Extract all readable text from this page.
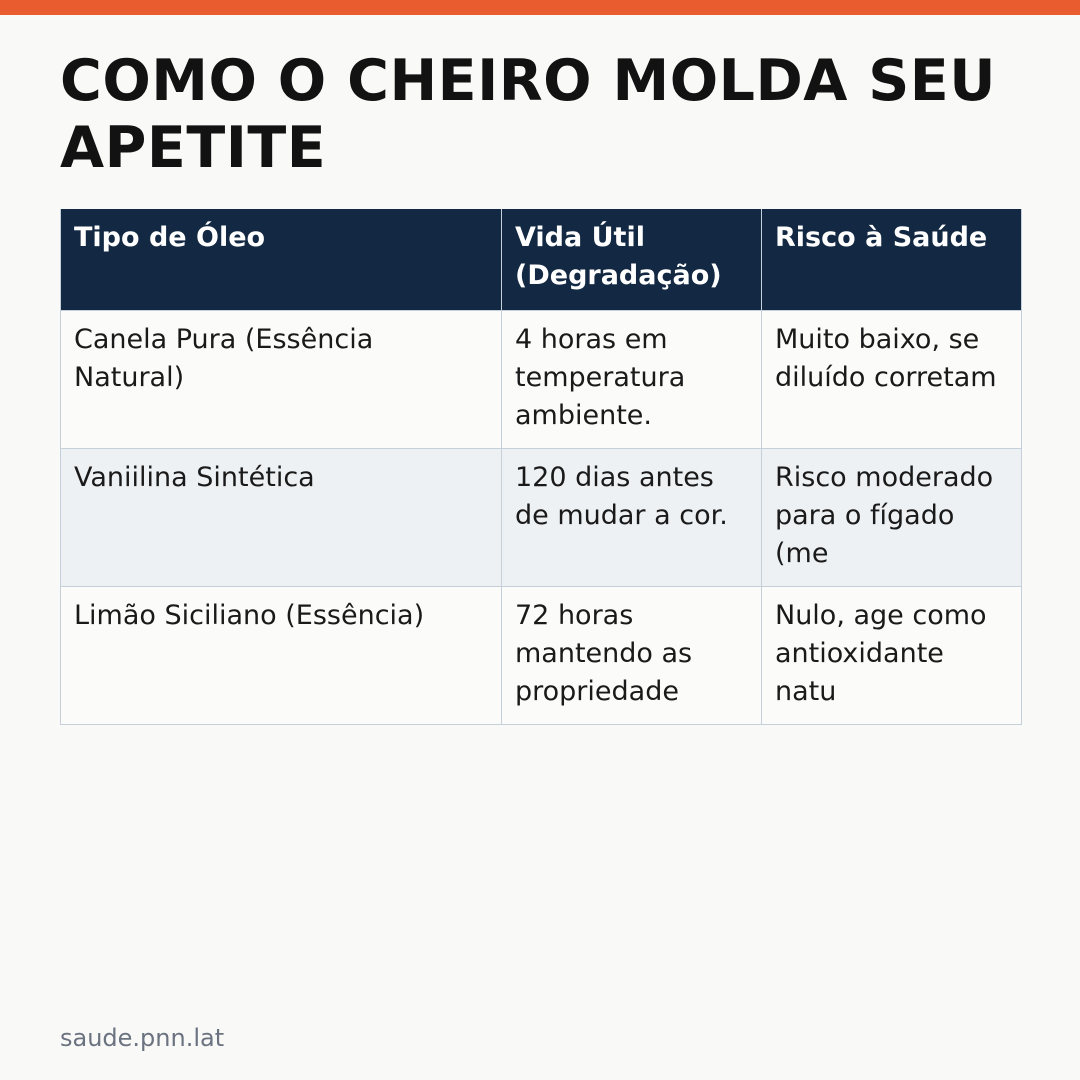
COMO O CHEIRO MOLDA SEU APETITE
Tipo de Óleo	Vida Útil (Degradação)	Risco à Saúde
Canela Pura (Essência Natural)	4 horas em temperatura ambiente.	Muito baixo, se diluído corretam
Vaniilina Sintética	120 dias antes de mudar a cor.	Risco moderado para o fígado (me
Limão Siciliano (Essência)	72 horas mantendo as propriedade	Nulo, age como antioxidante natu
saude.pnn.lat
